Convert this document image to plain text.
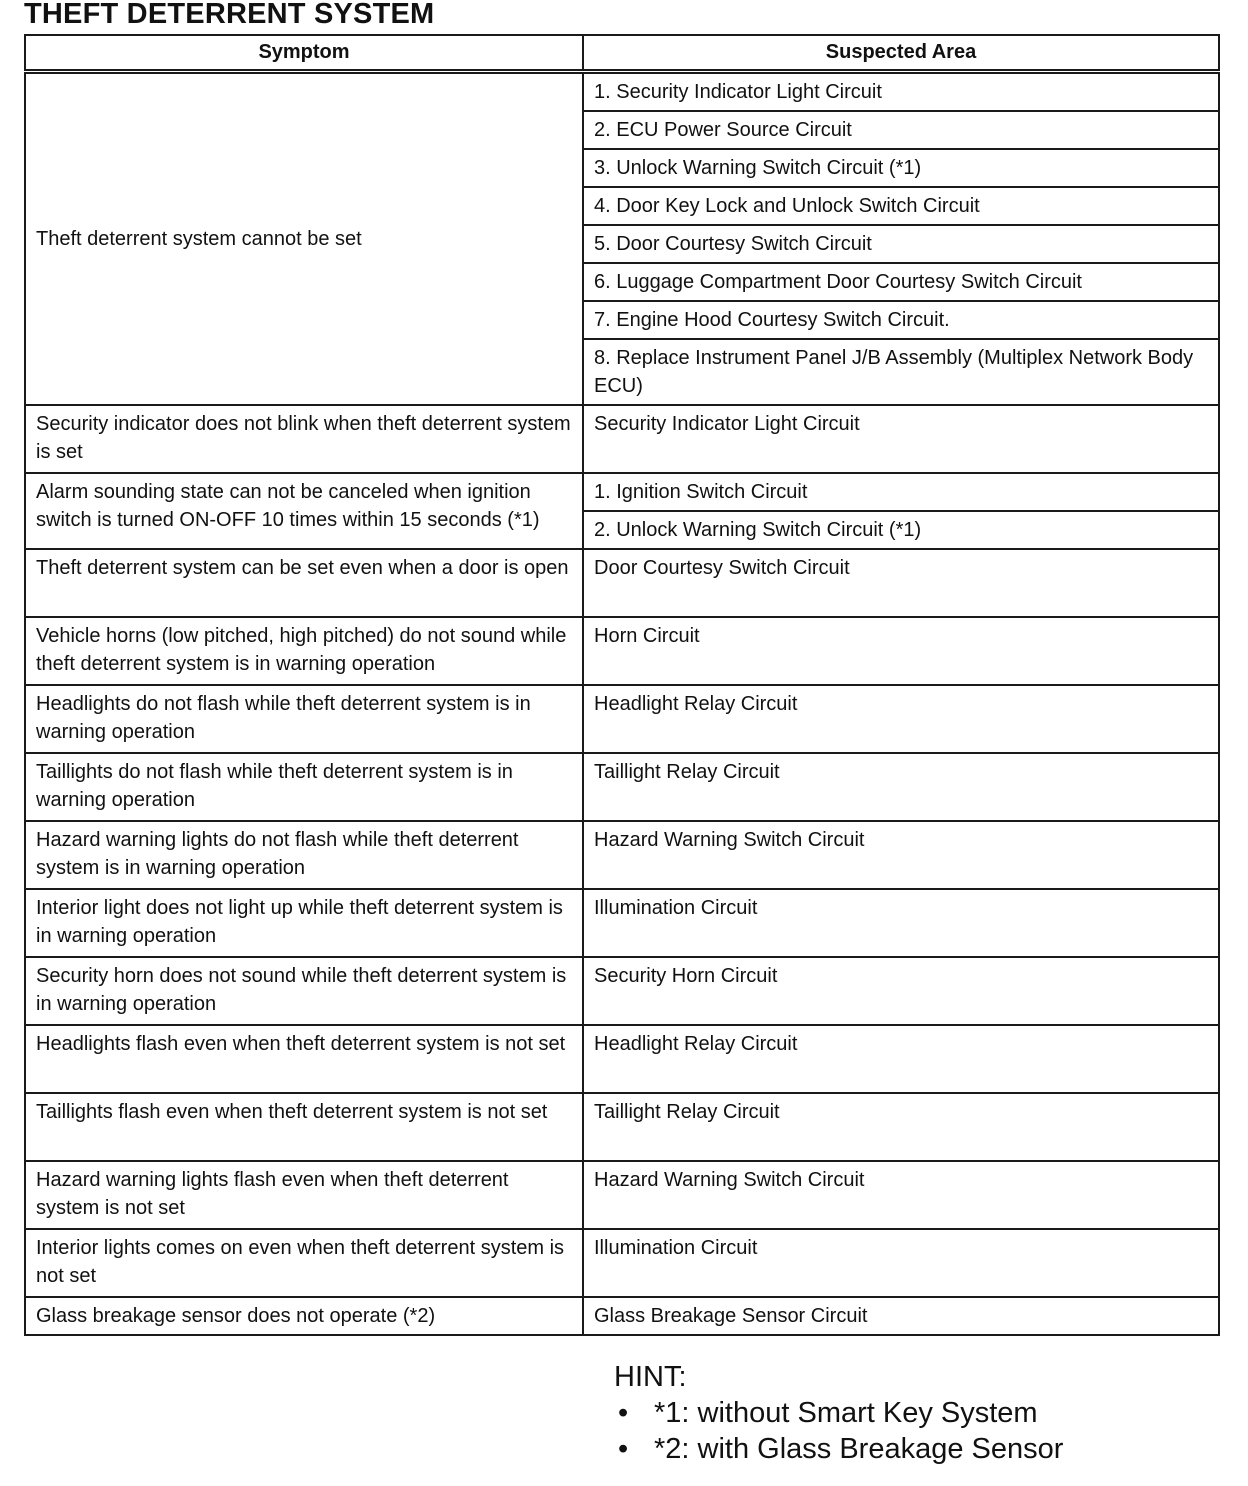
THEFT DETERRENT SYSTEM
Symptom	Suspected Area
Theft deterrent system cannot be set	1. Security Indicator Light Circuit
	2. ECU Power Source Circuit
	3. Unlock Warning Switch Circuit (*1)
	4. Door Key Lock and Unlock Switch Circuit
	5. Door Courtesy Switch Circuit
	6. Luggage Compartment Door Courtesy Switch Circuit
	7. Engine Hood Courtesy Switch Circuit.
	8. Replace Instrument Panel J/B Assembly (Multiplex Network Body ECU)
Security indicator does not blink when theft deterrent system is set	Security Indicator Light Circuit
Alarm sounding state can not be canceled when ignition switch is turned ON-OFF 10 times within 15 seconds (*1)	1. Ignition Switch Circuit
	2. Unlock Warning Switch Circuit (*1)
Theft deterrent system can be set even when a door is open	Door Courtesy Switch Circuit
Vehicle horns (low pitched, high pitched) do not sound while theft deterrent system is in warning operation	Horn Circuit
Headlights do not flash while theft deterrent system is in warning operation	Headlight Relay Circuit
Taillights do not flash while theft deterrent system is in warning operation	Taillight Relay Circuit
Hazard warning lights do not flash while theft deterrent system is in warning operation	Hazard Warning Switch Circuit
Interior light does not light up while theft deterrent system is in warning operation	Illumination Circuit
Security horn does not sound while theft deterrent system is in warning operation	Security Horn Circuit
Headlights flash even when theft deterrent system is not set	Headlight Relay Circuit
Taillights flash even when theft deterrent system is not set	Taillight Relay Circuit
Hazard warning lights flash even when theft deterrent system is not set	Hazard Warning Switch Circuit
Interior lights comes on even when theft deterrent system is not set	Illumination Circuit
Glass breakage sensor does not operate (*2)	Glass Breakage Sensor Circuit
HINT:
• *1: without Smart Key System
• *2: with Glass Breakage Sensor
